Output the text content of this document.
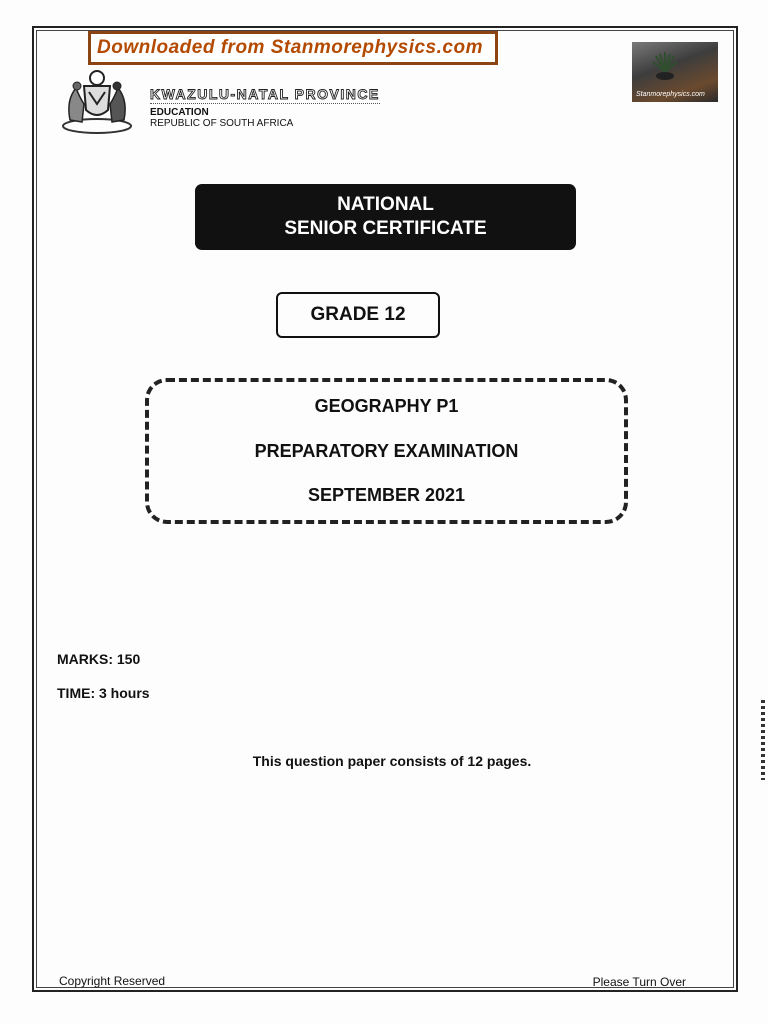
Downloaded from Stanmorephysics.com
KWAZULU-NATAL PROVINCE
EDUCATION
REPUBLIC OF SOUTH AFRICA
Stanmorephysics.com
NATIONAL
SENIOR CERTIFICATE
GRADE 12
GEOGRAPHY P1
PREPARATORY EXAMINATION
SEPTEMBER 2021
MARKS: 150
TIME: 3 hours
This question paper consists of 12 pages.
Copyright Reserved	Please Turn Over
